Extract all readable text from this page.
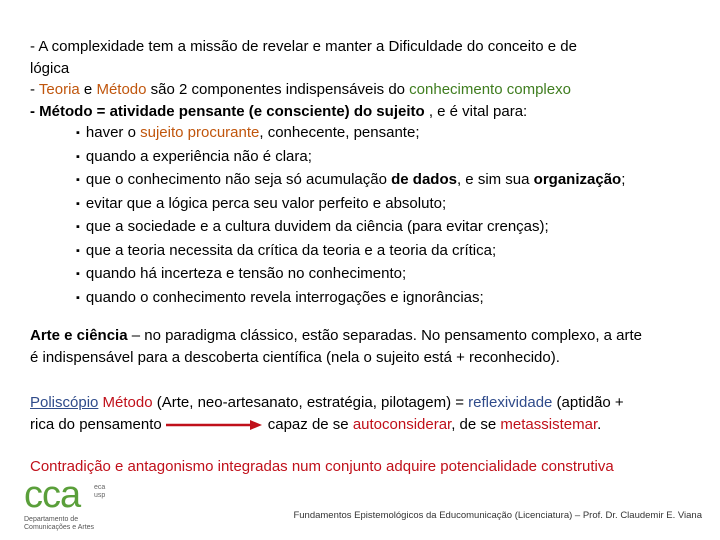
- A complexidade tem a missão de revelar e manter a Dificuldade do conceito e de
lógica
- Teoria e Método são 2 componentes indispensáveis do conhecimento complexo
- Método = atividade pensante (e consciente) do sujeito , e é vital para:
▪ haver o sujeito procurante, conhecente, pensante;
▪ quando a experiência não é clara;
▪ que o conhecimento não seja só acumulação de dados, e sim sua organização;
▪ evitar que a lógica perca seu valor perfeito e absoluto;
▪ que a sociedade e a cultura duvidem da ciência (para evitar crenças);
▪ que a teoria necessita da crítica da teoria e a teoria da crítica;
▪ quando há incerteza e tensão no conhecimento;
▪ quando o conhecimento revela interrogações e ignorâncias;
Arte e ciência – no paradigma clássico, estão separadas. No pensamento complexo, a arte
é indispensável para a descoberta científica (nela o sujeito está + reconhecido).
Poliscópio Método (Arte, neo-artesanato, estratégia, pilotagem) = reflexividade (aptidão +
rica do pensamento	capaz de se autoconsiderar, de se metassistemar.
Contradição e antagonismo integradas num conjunto adquire potencialidade construtiva
cca eca
usp
Departamento de
Comunicações e Artes
Fundamentos Epistemológicos da Educomunicação (Licenciatura) – Prof. Dr. Claudemir E. Viana
